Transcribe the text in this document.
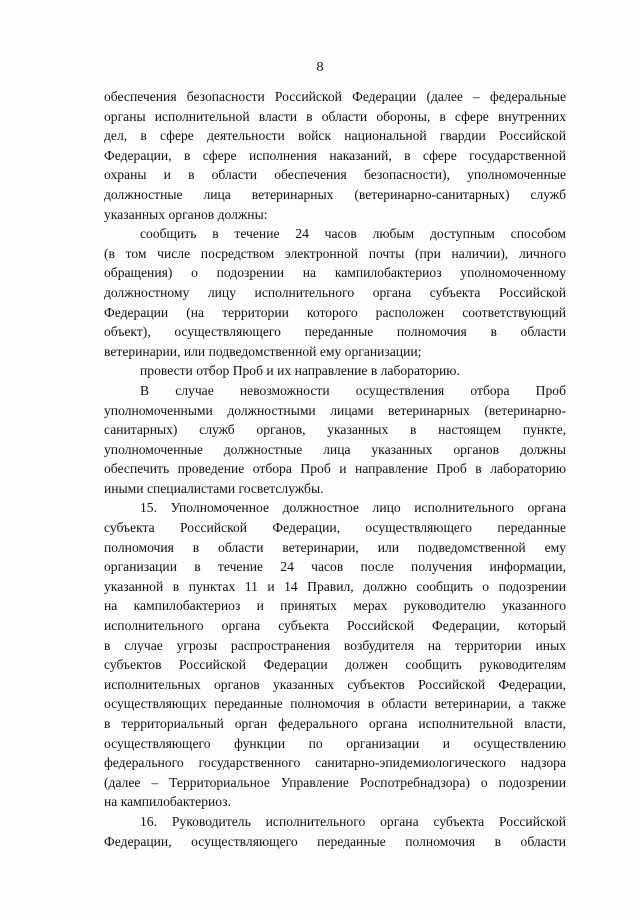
8
обеспечения безопасности Российской Федерации (далее – федеральные
органы исполнительной власти в области обороны, в сфере внутренних
дел, в сфере деятельности войск национальной гвардии Российской
Федерации, в сфере исполнения наказаний, в сфере государственной
охраны и в области обеспечения безопасности), уполномоченные
должностные лица ветеринарных (ветеринарно-санитарных) служб
указанных органов должны:
сообщить в течение 24 часов любым доступным способом
(в том числе посредством электронной почты (при наличии), личного
обращения) о подозрении на кампилобактериоз уполномоченному
должностному лицу исполнительного органа субъекта Российской
Федерации (на территории которого расположен соответствующий
объект), осуществляющего переданные полномочия в области
ветеринарии, или подведомственной ему организации;
провести отбор Проб и их направление в лабораторию.
В случае невозможности осуществления отбора Проб
уполномоченными должностными лицами ветеринарных (ветеринарно-
санитарных) служб органов, указанных в настоящем пункте,
уполномоченные должностные лица указанных органов должны
обеспечить проведение отбора Проб и направление Проб в лабораторию
иными специалистами госветслужбы.
15. Уполномоченное должностное лицо исполнительного органа
субъекта Российской Федерации, осуществляющего переданные
полномочия в области ветеринарии, или подведомственной ему
организации в течение 24 часов после получения информации,
указанной в пунктах 11 и 14 Правил, должно сообщить о подозрении
на кампилобактериоз и принятых мерах руководителю указанного
исполнительного органа субъекта Российской Федерации, который
в случае угрозы распространения возбудителя на территории иных
субъектов Российской Федерации должен сообщить руководителям
исполнительных органов указанных субъектов Российской Федерации,
осуществляющих переданные полномочия в области ветеринарии, а также
в территориальный орган федерального органа исполнительной власти,
осуществляющего функции по организации и осуществлению
федерального государственного санитарно-эпидемиологического надзора
(далее – Территориальное Управление Роспотребнадзора) о подозрении
на кампилобактериоз.
16. Руководитель исполнительного органа субъекта Российской
Федерации, осуществляющего переданные полномочия в области
